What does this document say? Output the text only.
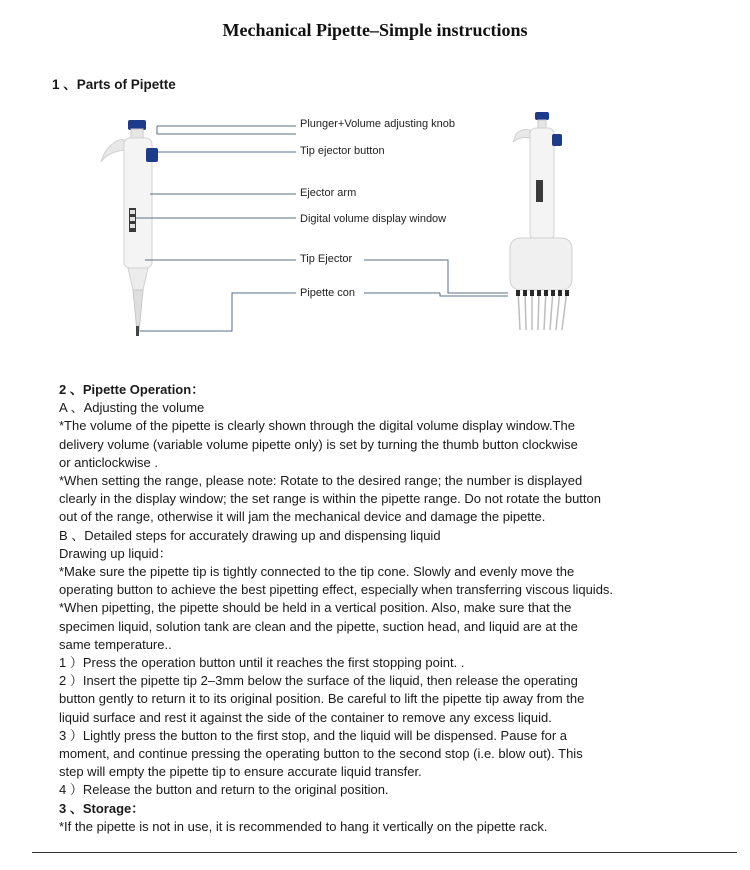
Mechanical Pipette–Simple instructions
1 、Parts of Pipette
Plunger+Volume adjusting knob
Tip ejector button
Ejector arm
Digital volume display window
Tip Ejector
Pipette con

2 、Pipette Operation：

A 、Adjusting the volume

*The volume of the pipette is clearly shown through the digital volume display window.The

delivery volume (variable volume pipette only) is set by turning the thumb button clockwise

or anticlockwise .

*When setting the range, please note: Rotate to the desired range; the number is displayed

clearly in the display window; the set range is within the pipette range. Do not rotate the button

out of the range, otherwise it will jam the mechanical device and damage the pipette.

B 、Detailed steps for accurately drawing up and dispensing liquid

Drawing up liquid：

*Make sure the pipette tip is tightly connected to the tip cone. Slowly and evenly move the

operating button to achieve the best pipetting effect, especially when transferring viscous liquids.

*When pipetting, the pipette should be held in a vertical position. Also, make sure that the

specimen liquid, solution tank are clean and the pipette, suction head, and liquid are at the

same temperature..

1 ）Press the operation button until it reaches the first stopping point. .

2 ）Insert the pipette tip 2–3mm below the surface of the liquid, then release the operating

button gently to return it to its original position. Be careful to lift the pipette tip away from the

liquid surface and rest it against the side of the container to remove any excess liquid.

3 ）Lightly press the button to the first stop, and the liquid will be dispensed. Pause for a

moment, and continue pressing the operating button to the second stop (i.e. blow out). This

step will empty the pipette tip to ensure accurate liquid transfer.

4 ）Release the button and return to the original position.

3 、Storage：

*If the pipette is not in use, it is recommended to hang it vertically on the pipette rack.
